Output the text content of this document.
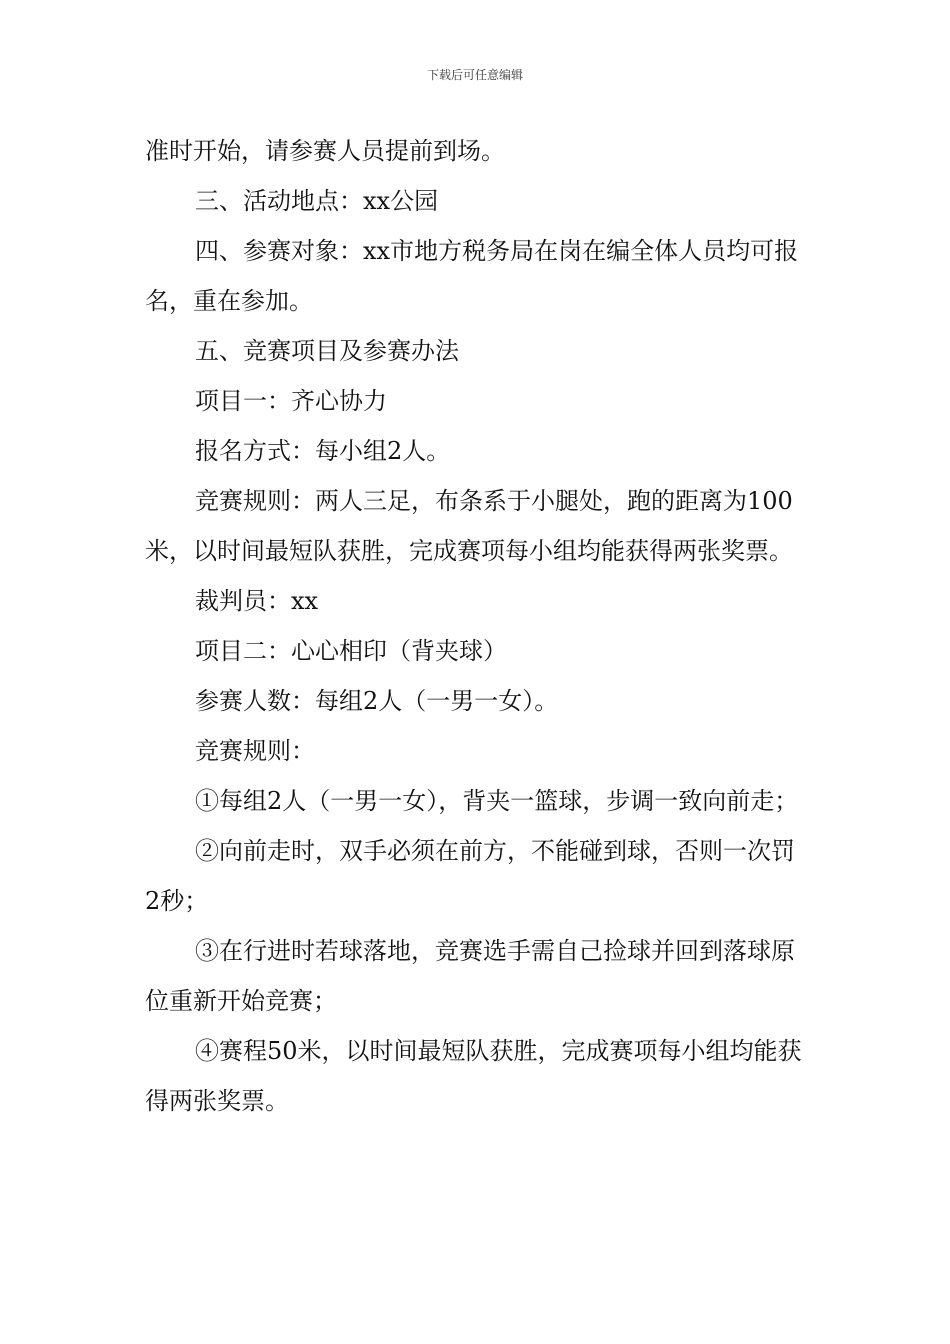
下载后可任意编辑

准时开始，请参赛人员提前到场。

三、活动地点：xx公园

四、参赛对象：xx市地方税务局在岗在编全体人员均可报名，重在参加。

五、竞赛项目及参赛办法

项目一：齐心协力

报名方式：每小组2人。

竞赛规则：两人三足，布条系于小腿处，跑的距离为100米，以时间最短队获胜，完成赛项每小组均能获得两张奖票。

裁判员：xx

项目二：心心相印（背夹球）

参赛人数：每组2人（一男一女）。

竞赛规则：

①每组2人（一男一女），背夹一篮球，步调一致向前走；

②向前走时，双手必须在前方，不能碰到球，否则一次罚2秒；

③在行进时若球落地，竞赛选手需自己捡球并回到落球原位重新开始竞赛；

④赛程50米，以时间最短队获胜，完成赛项每小组均能获得两张奖票。
